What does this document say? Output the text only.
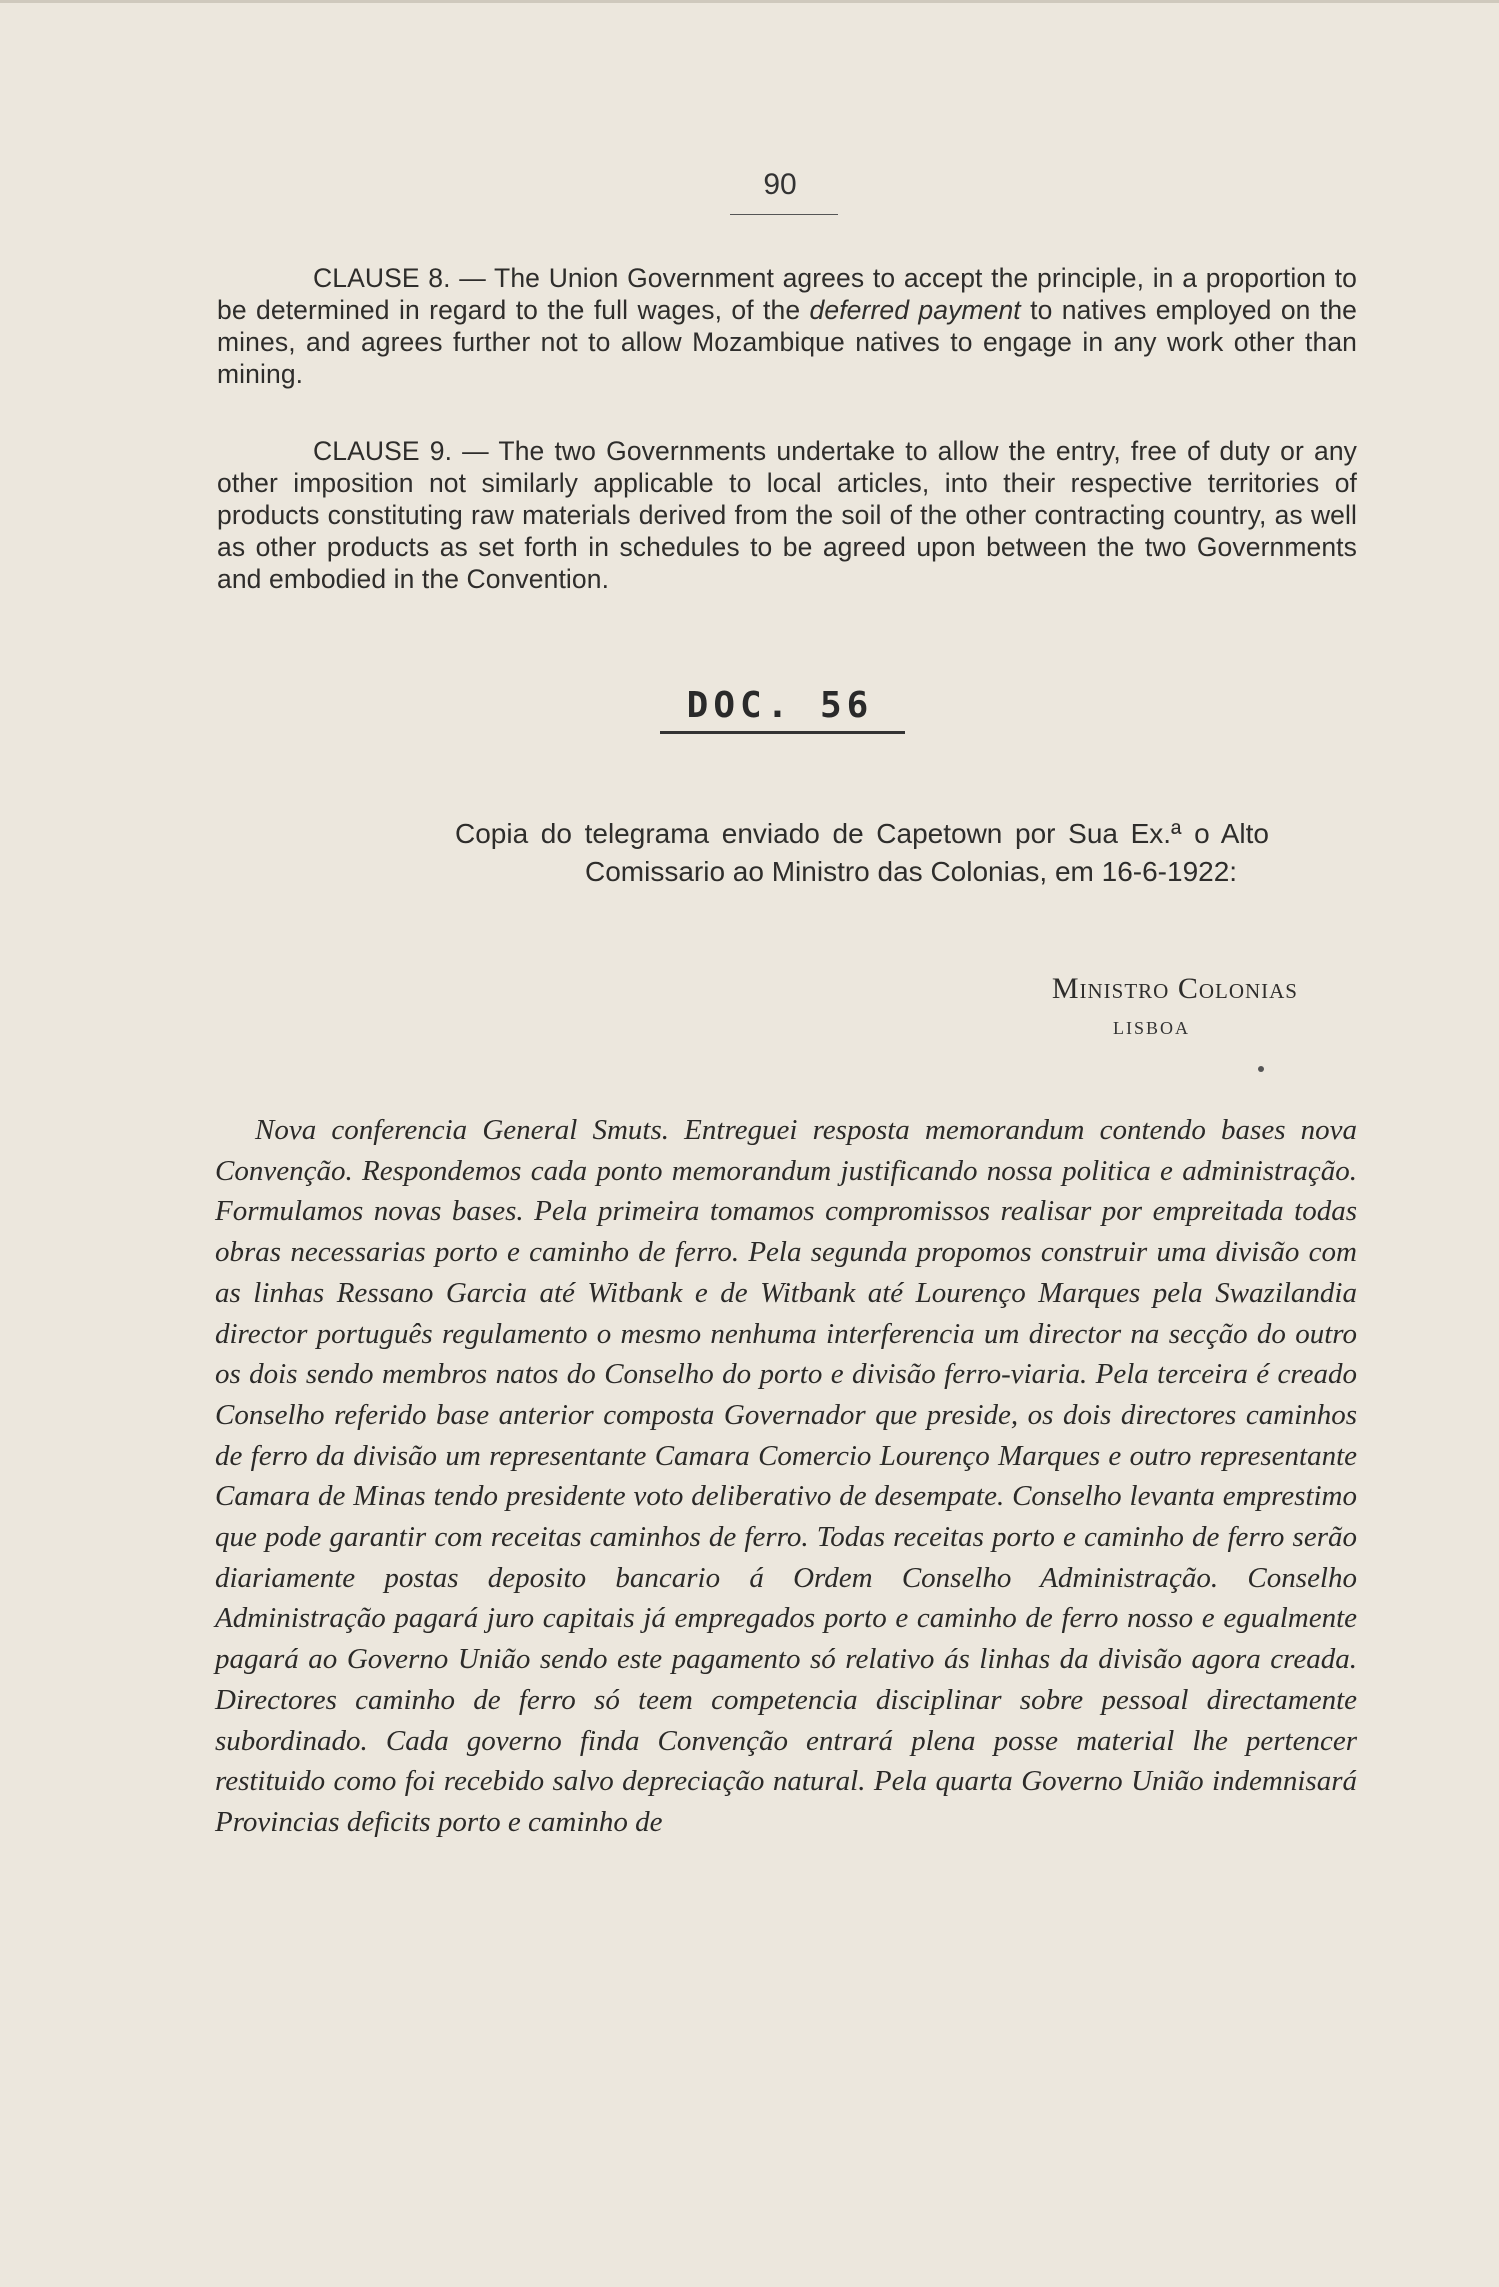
90

CLAUSE 8. — The Union Government agrees to accept the principle, in a proportion to be determined in regard to the full wages, of the deferred payment to natives employed on the mines, and agrees further not to allow Mozambique natives to engage in any work other than mining.

CLAUSE 9. — The two Governments undertake to allow the entry, free of duty or any other imposition not similarly applicable to local articles, into their respective territories of products constituting raw materials derived from the soil of the other contracting country, as well as other products as set forth in schedules to be agreed upon between the two Governments and embodied in the Convention.

DOC. 56

Copia do telegrama enviado de Capetown por Sua Ex.ª o Alto Comissario ao Ministro das Colonias, em 16-6-1922:

Ministro Colonias
LISBOA

Nova conferencia General Smuts. Entreguei resposta memorandum contendo bases nova Convenção. Respondemos cada ponto memorandum justificando nossa politica e administração. Formulamos novas bases. Pela primeira tomamos compromissos realisar por empreitada todas obras necessarias porto e caminho de ferro. Pela segunda propomos construir uma divisão com as linhas Ressano Garcia até Witbank e de Witbank até Lourenço Marques pela Swazilandia director português regulamento o mesmo nenhuma interferencia um director na secção do outro os dois sendo membros natos do Conselho do porto e divisão ferro-viaria. Pela terceira é creado Conselho referido base anterior composta Governador que preside, os dois directores caminhos de ferro da divisão um representante Camara Comercio Lourenço Marques e outro representante Camara de Minas tendo presidente voto deliberativo de desempate. Conselho levanta emprestimo que pode garantir com receitas caminhos de ferro. Todas receitas porto e caminho de ferro serão diariamente postas deposito bancario á Ordem Conselho Administração. Conselho Administração pagará juro capitais já empregados porto e caminho de ferro nosso e egualmente pagará ao Governo União sendo este pagamento só relativo ás linhas da divisão agora creada. Directores caminho de ferro só teem competencia disciplinar sobre pessoal directamente subordinado. Cada governo finda Convenção entrará plena posse material lhe pertencer restituido como foi recebido salvo depreciação natural. Pela quarta Governo União indemnisará Provincias deficits porto e caminho de
